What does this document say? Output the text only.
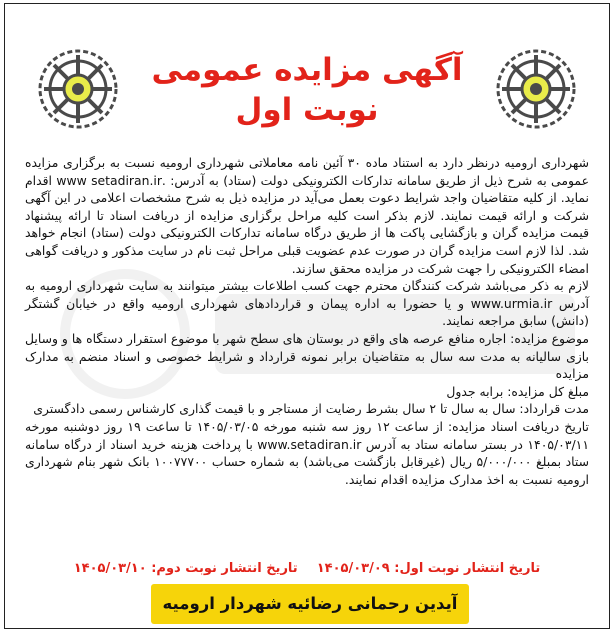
آگهی مزایده عمومی
نوبت اول

شهرداری ارومیه درنظر دارد به استناد ماده ۳۰ آئین نامه معاملاتی شهرداری ارومیه نسبت به برگزاری مزایده عمومی به شرح ذیل از طریق سامانه تدارکات الکترونیکی دولت (ستاد) به آدرس: .www setadiran.ir اقدام نماید. از کلیه متقاضیان واجد شرایط دعوت بعمل می‌آید در مزایده ذیل به شرح مشخصات اعلامی در این آگهی شرکت و ارائه قیمت نمایند. لازم بذکر است کلیه مراحل برگزاری مزایده از دریافت اسناد تا ارائه پیشنهاد قیمت مزایده گران و بازگشایی پاکت ها از طریق درگاه سامانه تدارکات الکترونیکی دولت (ستاد) انجام خواهد شد. لذا لازم است مزایده گران در صورت عدم عضویت قبلی مراحل ثبت نام در سایت مذکور و دریافت گواهی امضاء الکترونیکی را جهت شرکت در مزایده محقق سازند.

لازم به ذکر می‌باشد شرکت کنندگان محترم جهت کسب اطلاعات بیشتر میتوانند به سایت شهرداری ارومیه به آدرس www.urmia.ir و یا حضورا به اداره پیمان و قراردادهای شهرداری ارومیه واقع در خیابان گشتگر (دانش) سابق مراجعه نمایند.

موضوع مزایده: اجاره منافع عرصه های واقع در بوستان های سطح شهر با موضوع استقرار دستگاه ها و وسایل بازی سالیانه به مدت سه سال به متقاضیان برابر نمونه قرارداد و شرایط خصوصی و اسناد منضم به مدارک مزایده

مبلغ کل مزایده: برابه جدول

مدت قرارداد: سال به سال تا ۲ سال بشرط رضایت از مستاجر و با قیمت گذاری کارشناس رسمی دادگستری

تاریخ دریافت اسناد مزایده: از ساعت ۱۲ روز سه شنبه مورخه ۱۴۰۵/۰۳/۰۵ تا ساعت ۱۹ روز دوشنبه مورخه ۱۴۰۵/۰۳/۱۱ در بستر سامانه ستاد به آدرس www.setadiran.ir با پرداخت هزینه خرید اسناد از درگاه سامانه ستاد بمبلغ ۵/۰۰۰/۰۰۰ ریال (غیرقابل بازگشت می‌باشد) به شماره حساب ۱۰۰۷۷۷۰۰ بانک شهر بنام شهرداری ارومیه نسبت به اخذ مدارک مزایده اقدام نمایند.

تاریخ انتشار نوبت اول: ۱۴۰۵/۰۳/۰۹  تاریخ انتشار نوبت دوم: ۱۴۰۵/۰۳/۱۰
آیدین رحمانی رضائیه شهردار ارومیه
